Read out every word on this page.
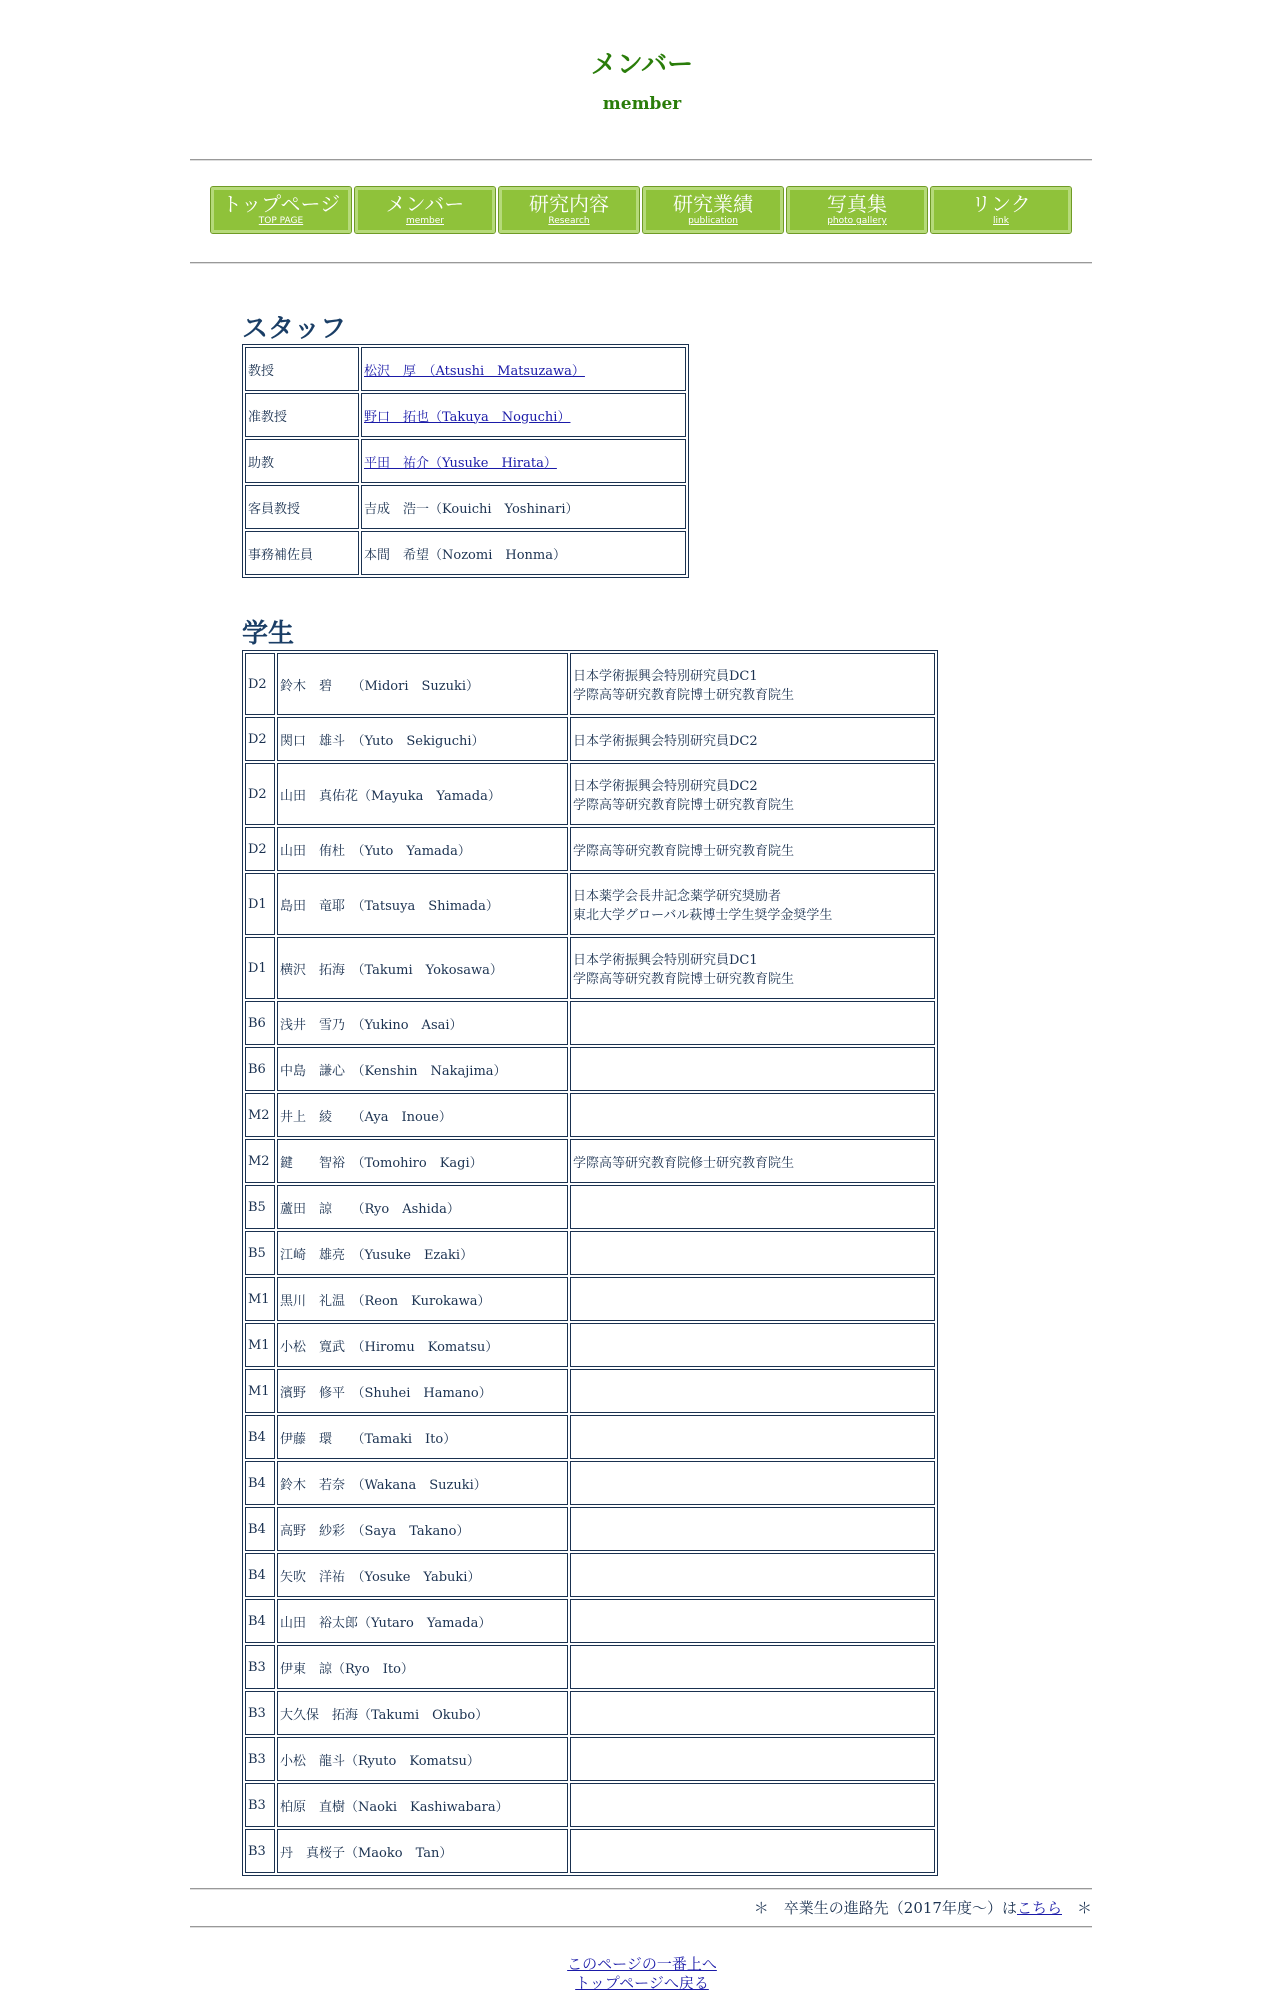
メンバー
member
トップページ
TOP PAGE
メンバー
member
研究内容
Research
研究業績
publication
写真集
photo gallery
リンク
link
スタッフ
教授	松沢　厚　（Atsushi　Matsuzawa）
准教授	野口　拓也（Takuya　Noguchi）
助教	平田　祐介（Yusuke　Hirata）
客員教授	吉成　浩一（Kouichi　Yoshinari）
事務補佐員	本間　希望（Nozomi　Honma）
学生
D2	鈴木　碧　　（Midori　Suzuki）	日本学術振興会特別研究員DC1
学際高等研究教育院博士研究教育院生

D2	関口　雄斗　（Yuto　Sekiguchi）	日本学術振興会特別研究員DC2

D2	山田　真佑花（Mayuka　Yamada）	日本学術振興会特別研究員DC2
学際高等研究教育院博士研究教育院生

D2	山田　侑杜　（Yuto　Yamada）	学際高等研究教育院博士研究教育院生

D1	島田　竜耶　（Tatsuya　Shimada）	日本薬学会長井記念薬学研究奨励者
東北大学グローバル萩博士学生奨学金奨学生

D1	横沢　拓海　（Takumi　Yokosawa）	日本学術振興会特別研究員DC1
学際高等研究教育院博士研究教育院生

B6	浅井　雪乃　（Yukino　Asai）	
B6	中島　謙心　（Kenshin　Nakajima）	
M2	井上　綾　　（Aya　Inoue）	
M2	鍵　　智裕　（Tomohiro　Kagi）	学際高等研究教育院修士研究教育院生

B5	蘆田　諒　　（Ryo　Ashida）	
B5	江崎　雄亮　（Yusuke　Ezaki）	
M1	黒川　礼温　（Reon　Kurokawa）	
M1	小松　寛武　（Hiromu　Komatsu）	
M1	濱野　修平　（Shuhei　Hamano）	
B4	伊藤　環　　（Tamaki　Ito）	
B4	鈴木　若奈　（Wakana　Suzuki）	
B4	高野　紗彩　（Saya　Takano）	
B4	矢吹　洋祐　（Yosuke　Yabuki）	
B4	山田　裕太郎（Yutaro　Yamada）	
B3	伊東　諒（Ryo　Ito）	
B3	大久保　拓海（Takumi　Okubo）	
B3	小松　龍斗（Ryuto　Komatsu）	
B3	柏原　直樹（Naoki　Kashiwabara）	
B3	丹　真桜子（Maoko　Tan）	
＊　卒業生の進路先（2017年度～）はこちら　＊
このページの一番上へ
トップページへ戻る
